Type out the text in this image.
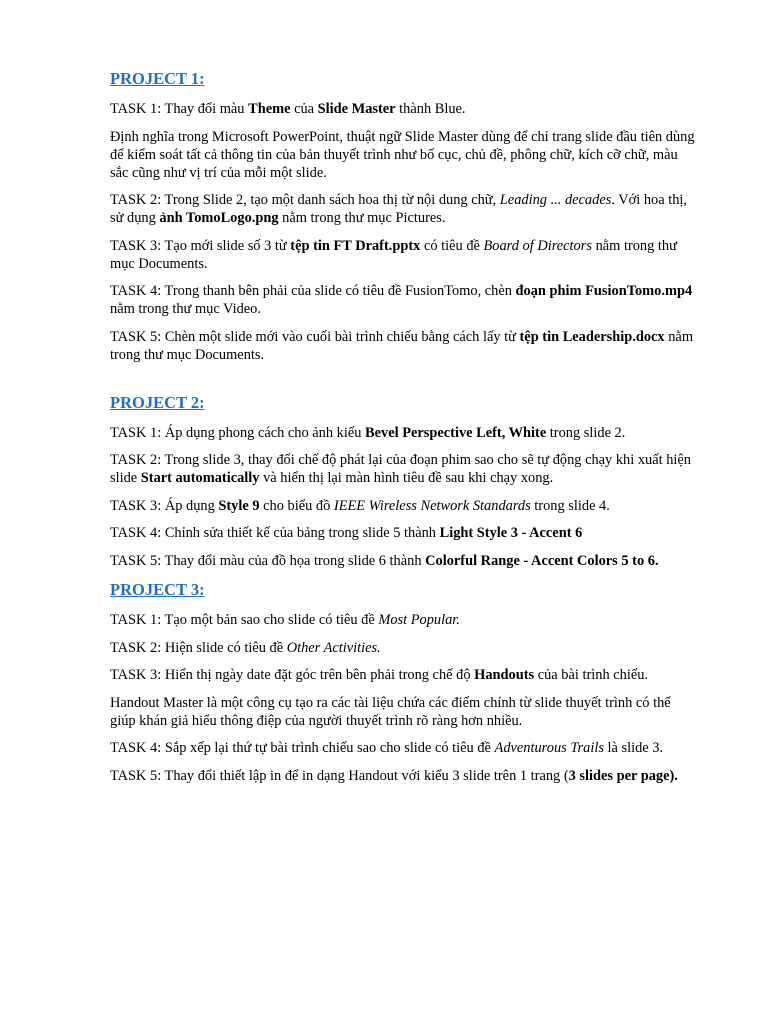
PROJECT 1:

TASK 1: Thay đổi màu Theme của Slide Master thành Blue.

Định nghĩa trong Microsoft PowerPoint, thuật ngữ Slide Master dùng để chỉ trang slide đầu tiên dùng để kiểm soát tất cả thông tin của bản thuyết trình như bố cục, chủ đề, phông chữ, kích cỡ chữ, màu sắc cũng như vị trí của mỗi một slide.

TASK 2: Trong Slide 2, tạo một danh sách hoa thị từ nội dung chữ, Leading ... decades. Với hoa thị, sử dụng ảnh TomoLogo.png nằm trong thư mục Pictures.

TASK 3: Tạo mới slide số 3 từ tệp tin FT Draft.pptx có tiêu đề Board of Directors nằm trong thư mục Documents.

TASK 4: Trong thanh bên phải của slide có tiêu đề FusionTomo, chèn đoạn phim FusionTomo.mp4 nằm trong thư mục Video.

TASK 5: Chèn một slide mới vào cuối bài trình chiếu bằng cách lấy từ tệp tin Leadership.docx nằm trong thư mục Documents.

PROJECT 2:

TASK 1: Áp dụng phong cách cho ảnh kiểu Bevel Perspective Left, White trong slide 2.

TASK 2: Trong slide 3, thay đổi chế độ phát lại của đoạn phim sao cho sẽ tự động chạy khi xuất hiện slide Start automatically và hiển thị lại màn hình tiêu đề sau khi chạy xong.

TASK 3: Áp dụng Style 9 cho biểu đồ IEEE Wireless Network Standards trong slide 4.

TASK 4: Chỉnh sửa thiết kế của bảng trong slide 5 thành Light Style 3 - Accent 6

TASK 5: Thay đổi màu của đồ họa trong slide 6 thành Colorful Range - Accent Colors 5 to 6.

PROJECT 3:

TASK 1: Tạo một bản sao cho slide có tiêu đề Most Popular.

TASK 2: Hiện slide có tiêu đề Other Activities.

TASK 3: Hiển thị ngày date đặt góc trên bên phải trong chế độ Handouts của bài trình chiếu.

Handout Master là một công cụ tạo ra các tài liệu chứa các điểm chính từ slide thuyết trình có thể giúp khán giả hiểu thông điệp của người thuyết trình rõ ràng hơn nhiều.

TASK 4: Sắp xếp lại thứ tự bài trình chiếu sao cho slide có tiêu đề Adventurous Trails là slide 3.

TASK 5: Thay đổi thiết lập in để in dạng Handout với kiểu 3 slide trên 1 trang (3 slides per page).
